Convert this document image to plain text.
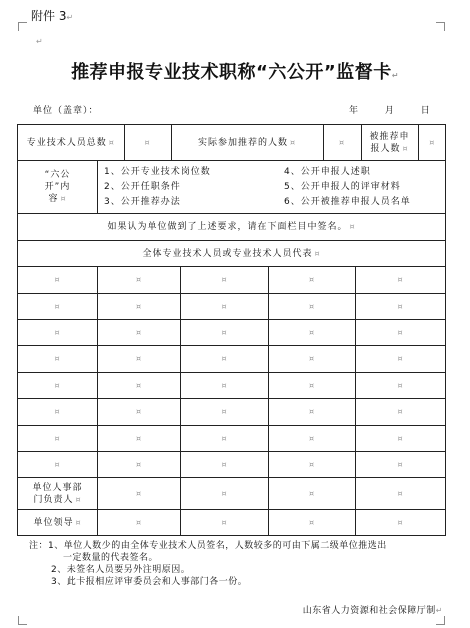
附件 3↵
↵
推荐申报专业技术职称“六公开”监督卡↵
单位（盖章）：	年	月	日
专业技术人员总数 ¤	¤	实际参加推荐的人数 ¤	¤	被推荐申报人数 ¤	¤

“六公开”内　　容 ¤	
1、公开专业技术岗位数	4、公开申报人述职
2、公开任职条件	5、公开申报人的评审材料
3、公开推荐办法	6、公开被推荐申报人员名单

如果认为单位做到了上述要求，请在下面栏目中签名。 ¤
全体专业技术人员或专业技术人员代表 ¤
¤	¤	¤	¤	¤
¤	¤	¤	¤	¤
¤	¤	¤	¤	¤
¤	¤	¤	¤	¤
¤	¤	¤	¤	¤
¤	¤	¤	¤	¤
¤	¤	¤	¤	¤
¤	¤	¤	¤	¤
单位人事部门负责人 ¤	¤	¤	¤	¤
单位领导 ¤	¤	¤	¤	¤
注：1、单位人数少的由全体专业技术人员签名，人数较多的可由下属二级单位推选出
一定数量的代表签名。
2、未签名人员要另外注明原因。
3、此卡报相应评审委员会和人事部门各一份。
山东省人力资源和社会保障厅制↵
